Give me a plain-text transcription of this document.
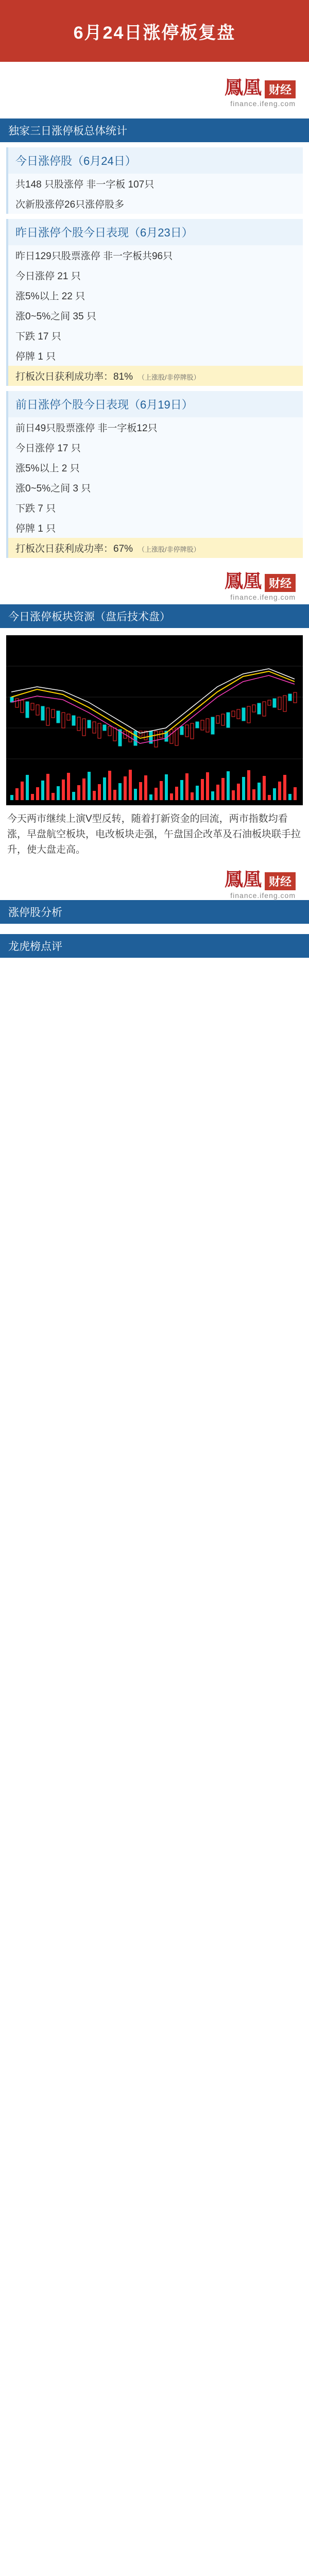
6月24日涨停板复盘
鳳凰 财经
finance.ifeng.com
独家三日涨停板总体统计
今日涨停股（6月24日）
共148 只股涨停 非一字板 107只
次新股涨停26只涨停股多
昨日涨停个股今日表现（6月23日）
昨日129只股票涨停 非一字板共96只
今日涨停 21 只
涨5%以上 22 只
涨0~5%之间 35 只
下跌 17 只
停牌 1 只
打板次日获利成功率：81% （上涨股/非停牌股）
前日涨停个股今日表现（6月19日）
前日49只股票涨停 非一字板12只
今日涨停 17 只
涨5%以上 2 只
涨0~5%之间 3 只
下跌 7 只
停牌 1 只
打板次日获利成功率：67% （上涨股/非停牌股）
鳳凰 财经
finance.ifeng.com
今日涨停板块资源（盘后技术盘）

今天两市继续上演V型反转，随着打新资金的回流，两市指数均看涨，早盘航空板块，电改板块走强，午盘国企改革及石油板块联手拉升，使大盘走高。

鳳凰 财经
finance.ifeng.com
涨停股分析
龙虎榜点评
